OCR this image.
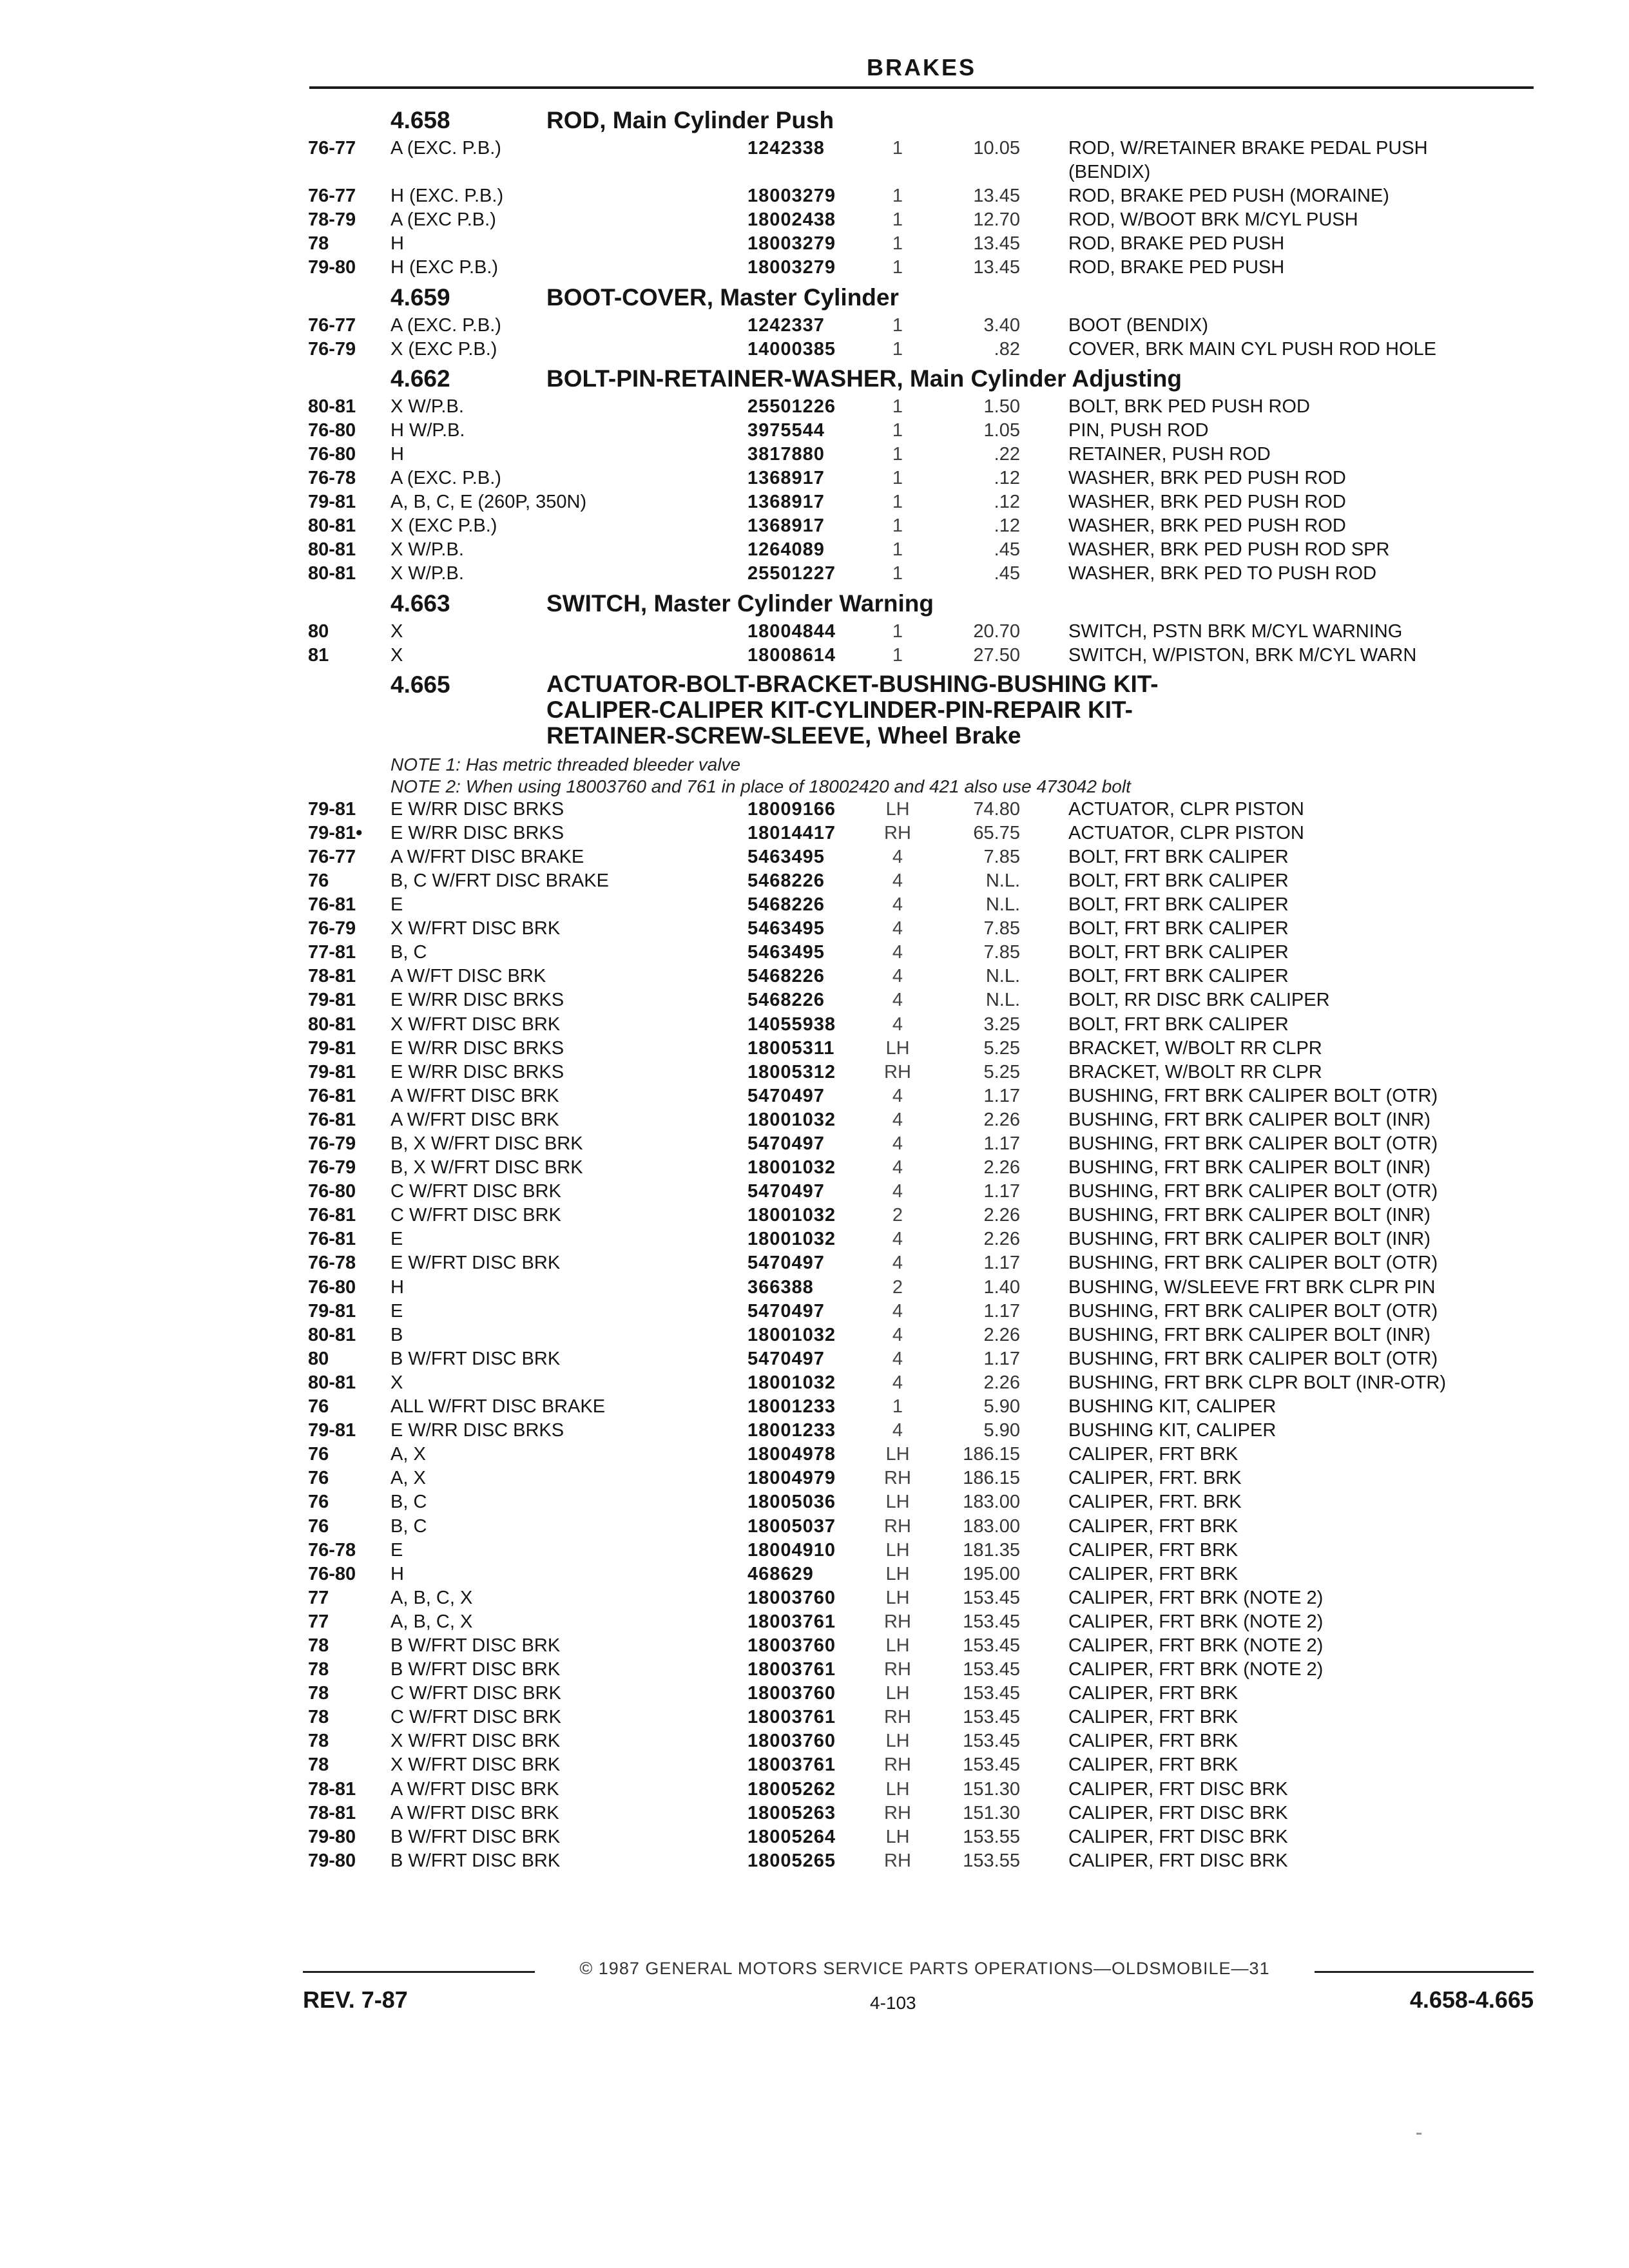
BRAKES
4.658	ROD, Main Cylinder Push
76-77	A (EXC. P.B.)	1242338	1	10.05	ROD, W/RETAINER BRAKE PEDAL PUSH
(BENDIX)
76-77	H (EXC. P.B.)	18003279	1	13.45	ROD, BRAKE PED PUSH (MORAINE)
78-79	A (EXC P.B.)	18002438	1	12.70	ROD, W/BOOT BRK M/CYL PUSH
78	H	18003279	1	13.45	ROD, BRAKE PED PUSH
79-80	H (EXC P.B.)	18003279	1	13.45	ROD, BRAKE PED PUSH
4.659	BOOT-COVER, Master Cylinder
76-77	A (EXC. P.B.)	1242337	1	3.40	BOOT (BENDIX)
76-79	X (EXC P.B.)	14000385	1	.82	COVER, BRK MAIN CYL PUSH ROD HOLE
4.662	BOLT-PIN-RETAINER-WASHER, Main Cylinder Adjusting
80-81	X W/P.B.	25501226	1	1.50	BOLT, BRK PED PUSH ROD
76-80	H W/P.B.	3975544	1	1.05	PIN, PUSH ROD
76-80	H	3817880	1	.22	RETAINER, PUSH ROD
76-78	A (EXC. P.B.)	1368917	1	.12	WASHER, BRK PED PUSH ROD
79-81	A, B, C, E (260P, 350N)	1368917	1	.12	WASHER, BRK PED PUSH ROD
80-81	X (EXC P.B.)	1368917	1	.12	WASHER, BRK PED PUSH ROD
80-81	X W/P.B.	1264089	1	.45	WASHER, BRK PED PUSH ROD SPR
80-81	X W/P.B.	25501227	1	.45	WASHER, BRK PED TO PUSH ROD
4.663	SWITCH, Master Cylinder Warning
80	X	18004844	1	20.70	SWITCH, PSTN BRK M/CYL WARNING
81	X	18008614	1	27.50	SWITCH, W/PISTON, BRK M/CYL WARN
4.665	ACTUATOR-BOLT-BRACKET-BUSHING-BUSHING KIT-
CALIPER-CALIPER KIT-CYLINDER-PIN-REPAIR KIT-
RETAINER-SCREW-SLEEVE, Wheel Brake
NOTE 1: Has metric threaded bleeder valve
NOTE 2: When using 18003760 and 761 in place of 18002420 and 421 also use 473042 bolt
79-81	E W/RR DISC BRKS	18009166	LH	74.80	ACTUATOR, CLPR PISTON
79-81•	E W/RR DISC BRKS	18014417	RH	65.75	ACTUATOR, CLPR PISTON
76-77	A W/FRT DISC BRAKE	5463495	4	7.85	BOLT, FRT BRK CALIPER
76	B, C W/FRT DISC BRAKE	5468226	4	N.L.	BOLT, FRT BRK CALIPER
76-81	E	5468226	4	N.L.	BOLT, FRT BRK CALIPER
76-79	X W/FRT DISC BRK	5463495	4	7.85	BOLT, FRT BRK CALIPER
77-81	B, C	5463495	4	7.85	BOLT, FRT BRK CALIPER
78-81	A W/FT DISC BRK	5468226	4	N.L.	BOLT, FRT BRK CALIPER
79-81	E W/RR DISC BRKS	5468226	4	N.L.	BOLT, RR DISC BRK CALIPER
80-81	X W/FRT DISC BRK	14055938	4	3.25	BOLT, FRT BRK CALIPER
79-81	E W/RR DISC BRKS	18005311	LH	5.25	BRACKET, W/BOLT RR CLPR
79-81	E W/RR DISC BRKS	18005312	RH	5.25	BRACKET, W/BOLT RR CLPR
76-81	A W/FRT DISC BRK	5470497	4	1.17	BUSHING, FRT BRK CALIPER BOLT (OTR)
76-81	A W/FRT DISC BRK	18001032	4	2.26	BUSHING, FRT BRK CALIPER BOLT (INR)
76-79	B, X W/FRT DISC BRK	5470497	4	1.17	BUSHING, FRT BRK CALIPER BOLT (OTR)
76-79	B, X W/FRT DISC BRK	18001032	4	2.26	BUSHING, FRT BRK CALIPER BOLT (INR)
76-80	C W/FRT DISC BRK	5470497	4	1.17	BUSHING, FRT BRK CALIPER BOLT (OTR)
76-81	C W/FRT DISC BRK	18001032	2	2.26	BUSHING, FRT BRK CALIPER BOLT (INR)
76-81	E	18001032	4	2.26	BUSHING, FRT BRK CALIPER BOLT (INR)
76-78	E W/FRT DISC BRK	5470497	4	1.17	BUSHING, FRT BRK CALIPER BOLT (OTR)
76-80	H	366388	2	1.40	BUSHING, W/SLEEVE FRT BRK CLPR PIN
79-81	E	5470497	4	1.17	BUSHING, FRT BRK CALIPER BOLT (OTR)
80-81	B	18001032	4	2.26	BUSHING, FRT BRK CALIPER BOLT (INR)
80	B W/FRT DISC BRK	5470497	4	1.17	BUSHING, FRT BRK CALIPER BOLT (OTR)
80-81	X	18001032	4	2.26	BUSHING, FRT BRK CLPR BOLT (INR-OTR)
76	ALL W/FRT DISC BRAKE	18001233	1	5.90	BUSHING KIT, CALIPER
79-81	E W/RR DISC BRKS	18001233	4	5.90	BUSHING KIT, CALIPER
76	A, X	18004978	LH	186.15	CALIPER, FRT BRK
76	A, X	18004979	RH	186.15	CALIPER, FRT. BRK
76	B, C	18005036	LH	183.00	CALIPER, FRT. BRK
76	B, C	18005037	RH	183.00	CALIPER, FRT BRK
76-78	E	18004910	LH	181.35	CALIPER, FRT BRK
76-80	H	468629	LH	195.00	CALIPER, FRT BRK
77	A, B, C, X	18003760	LH	153.45	CALIPER, FRT BRK (NOTE 2)
77	A, B, C, X	18003761	RH	153.45	CALIPER, FRT BRK (NOTE 2)
78	B W/FRT DISC BRK	18003760	LH	153.45	CALIPER, FRT BRK (NOTE 2)
78	B W/FRT DISC BRK	18003761	RH	153.45	CALIPER, FRT BRK (NOTE 2)
78	C W/FRT DISC BRK	18003760	LH	153.45	CALIPER, FRT BRK
78	C W/FRT DISC BRK	18003761	RH	153.45	CALIPER, FRT BRK
78	X W/FRT DISC BRK	18003760	LH	153.45	CALIPER, FRT BRK
78	X W/FRT DISC BRK	18003761	RH	153.45	CALIPER, FRT BRK
78-81	A W/FRT DISC BRK	18005262	LH	151.30	CALIPER, FRT DISC BRK
78-81	A W/FRT DISC BRK	18005263	RH	151.30	CALIPER, FRT DISC BRK
79-80	B W/FRT DISC BRK	18005264	LH	153.55	CALIPER, FRT DISC BRK
79-80	B W/FRT DISC BRK	18005265	RH	153.55	CALIPER, FRT DISC BRK
© 1987 GENERAL MOTORS SERVICE PARTS OPERATIONS—OLDSMOBILE—31
REV. 7-87	4-103	4.658-4.665
